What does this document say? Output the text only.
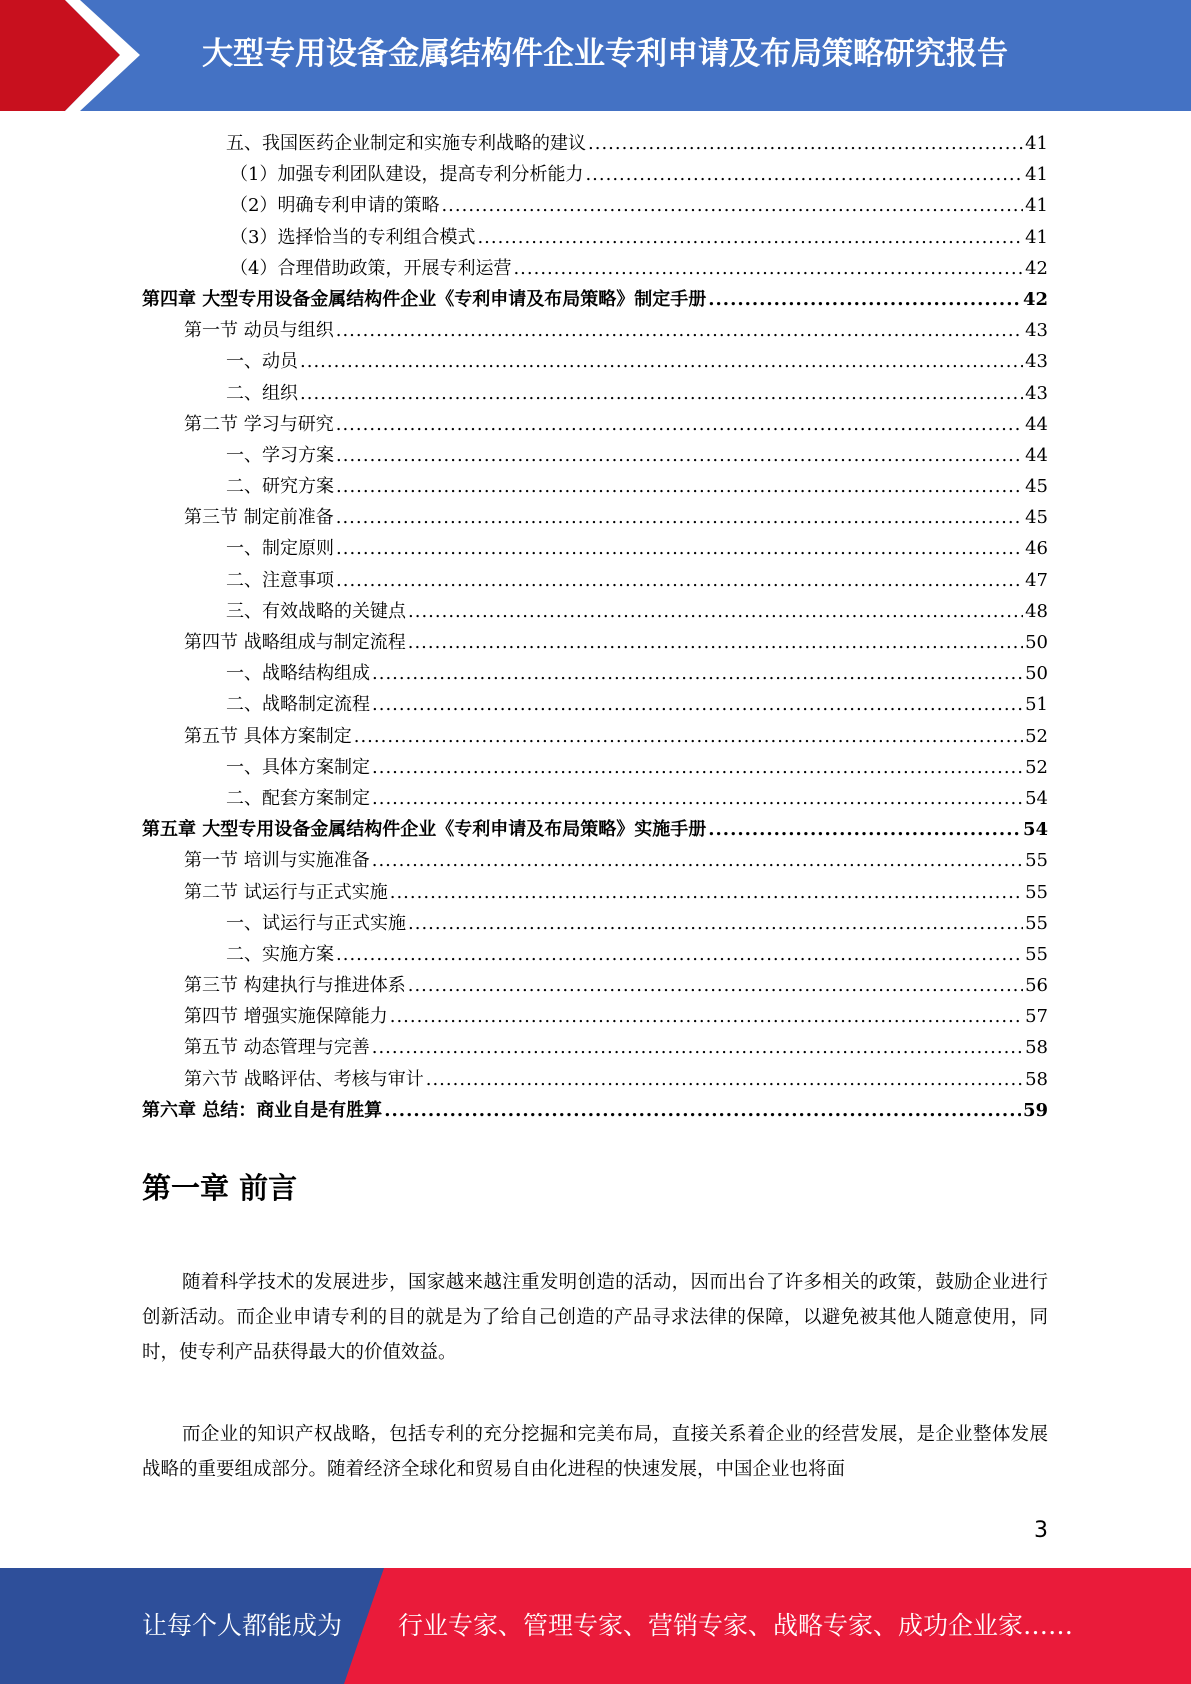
大型专用设备金属结构件企业专利申请及布局策略研究报告
五、我国医药企业制定和实施专利战略的建议 .....	41
（1）加强专利团队建设，提高专利分析能力 .....	41
（2）明确专利申请的策略 .....	41
（3）选择恰当的专利组合模式 .....	41
（4）合理借助政策，开展专利运营 .....	42
第四章 大型专用设备金属结构件企业《专利申请及布局策略》制定手册 .....	42
第一节 动员与组织 .....	43
一、动员 .....	43
二、组织 .....	43
第二节 学习与研究 .....	44
一、学习方案 .....	44
二、研究方案 .....	45
第三节 制定前准备 .....	45
一、制定原则 .....	46
二、注意事项 .....	47
三、有效战略的关键点 .....	48
第四节 战略组成与制定流程 .....	50
一、战略结构组成 .....	50
二、战略制定流程 .....	51
第五节 具体方案制定 .....	52
一、具体方案制定 .....	52
二、配套方案制定 .....	54
第五章 大型专用设备金属结构件企业《专利申请及布局策略》实施手册 .....	54
第一节 培训与实施准备 .....	55
第二节 试运行与正式实施 .....	55
一、试运行与正式实施 .....	55
二、实施方案 .....	55
第三节 构建执行与推进体系 .....	56
第四节 增强实施保障能力 .....	57
第五节 动态管理与完善 .....	58
第六节 战略评估、考核与审计 .....	58
第六章 总结：商业自是有胜算 .....	59
第一章 前言

随着科学技术的发展进步，国家越来越注重发明创造的活动，因而出台了许多相关的政策，鼓励企业进行创新活动。而企业申请专利的目的就是为了给自己创造的产品寻求法律的保障，以避免被其他人随意使用，同时，使专利产品获得最大的价值效益。

而企业的知识产权战略，包括专利的充分挖掘和完美布局，直接关系着企业的经营发展，是企业整体发展战略的重要组成部分。随着经济全球化和贸易自由化进程的快速发展，中国企业也将面

3
让每个人都能成为 行业专家、管理专家、营销专家、战略专家、成功企业家……
